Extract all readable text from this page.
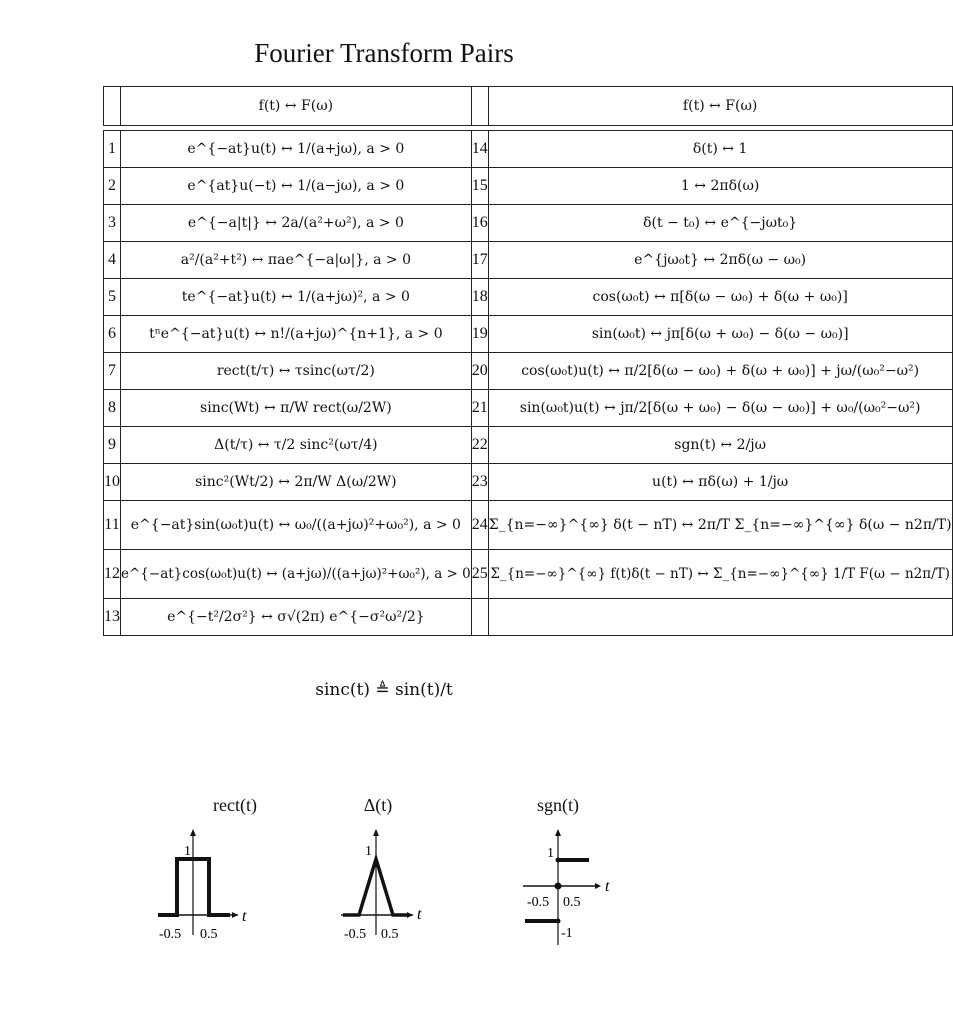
Fourier Transform Pairs
	f(t) ↔ F(ω)		f(t) ↔ F(ω)

1	e^{−at}u(t) ↔ 1/(a+jω), a > 0	14	δ(t) ↔ 1
2	e^{at}u(−t) ↔ 1/(a−jω), a > 0	15	1 ↔ 2πδ(ω)
3	e^{−a|t|} ↔ 2a/(a²+ω²), a > 0	16	δ(t − t₀) ↔ e^{−jωt₀}
4	a²/(a²+t²) ↔ πae^{−a|ω|}, a > 0	17	e^{jω₀t} ↔ 2πδ(ω − ω₀)
5	te^{−at}u(t) ↔ 1/(a+jω)², a > 0	18	cos(ω₀t) ↔ π[δ(ω − ω₀) + δ(ω + ω₀)]
6	tⁿe^{−at}u(t) ↔ n!/(a+jω)^{n+1}, a > 0	19	sin(ω₀t) ↔ jπ[δ(ω + ω₀) − δ(ω − ω₀)]
7	rect(t/τ) ↔ τsinc(ωτ/2)	20	cos(ω₀t)u(t) ↔ π/2[δ(ω − ω₀) + δ(ω + ω₀)] + jω/(ω₀²−ω²)
8	sinc(Wt) ↔ π/W rect(ω/2W)	21	sin(ω₀t)u(t) ↔ jπ/2[δ(ω + ω₀) − δ(ω − ω₀)] + ω₀/(ω₀²−ω²)
9	Δ(t/τ) ↔ τ/2 sinc²(ωτ/4)	22	sgn(t) ↔ 2/jω
10	sinc²(Wt/2) ↔ 2π/W Δ(ω/2W)	23	u(t) ↔ πδ(ω) + 1/jω
11	e^{−at}sin(ω₀t)u(t) ↔ ω₀/((a+jω)²+ω₀²), a > 0	24	Σ_{n=−∞}^{∞} δ(t − nT) ↔ 2π/T Σ_{n=−∞}^{∞} δ(ω − n2π/T)
12	e^{−at}cos(ω₀t)u(t) ↔ (a+jω)/((a+jω)²+ω₀²), a > 0	25	Σ_{n=−∞}^{∞} f(t)δ(t − nT) ↔ Σ_{n=−∞}^{∞} 1/T F(ω − n2π/T)
13	e^{−t²/2σ²} ↔ σ√(2π) e^{−σ²ω²/2}		
sinc(t) ≜ sin(t)/t
rect(t)
1
-0.5 0.5
t
Δ(t)
1
-0.5 0.5
t
sgn(t)
1
-0.5 0.5
-1
t
